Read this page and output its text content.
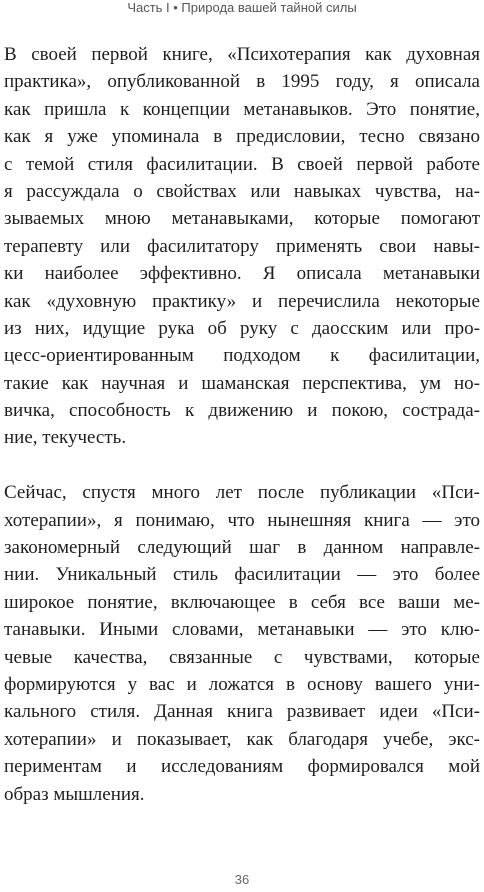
Часть I • Природа вашей тайной силы
В своей первой книге, «Психотерапия как духовная
практика», опубликованной в 1995 году, я описала
как пришла к концепции метанавыков. Это понятие,
как я уже упоминала в предисловии, тесно связано
с темой стиля фасилитации. В своей первой работе
я рассуждала о свойствах или навыках чувства, на-
зываемых мною метанавыками, которые помогают
терапевту или фасилитатору применять свои навы-
ки наиболее эффективно. Я описала метанавыки
как «духовную практику» и перечислила некоторые
из них, идущие рука об руку с даосским или про-
цесс-ориентированным подходом к фасилитации,
такие как научная и шаманская перспектива, ум но-
вичка, способность к движению и покою, сострада-
ние, текучесть.
Сейчас, спустя много лет после публикации «Пси-
хотерапии», я понимаю, что нынешняя книга — это
закономерный следующий шаг в данном направле-
нии. Уникальный стиль фасилитации — это более
широкое понятие, включающее в себя все ваши ме-
танавыки. Иными словами, метанавыки — это клю-
чевые качества, связанные с чувствами, которые
формируются у вас и ложатся в основу вашего уни-
кального стиля. Данная книга развивает идеи «Пси-
хотерапии» и показывает, как благодаря учебе, экс-
периментам и исследованиям формировался мой
образ мышления.
36
